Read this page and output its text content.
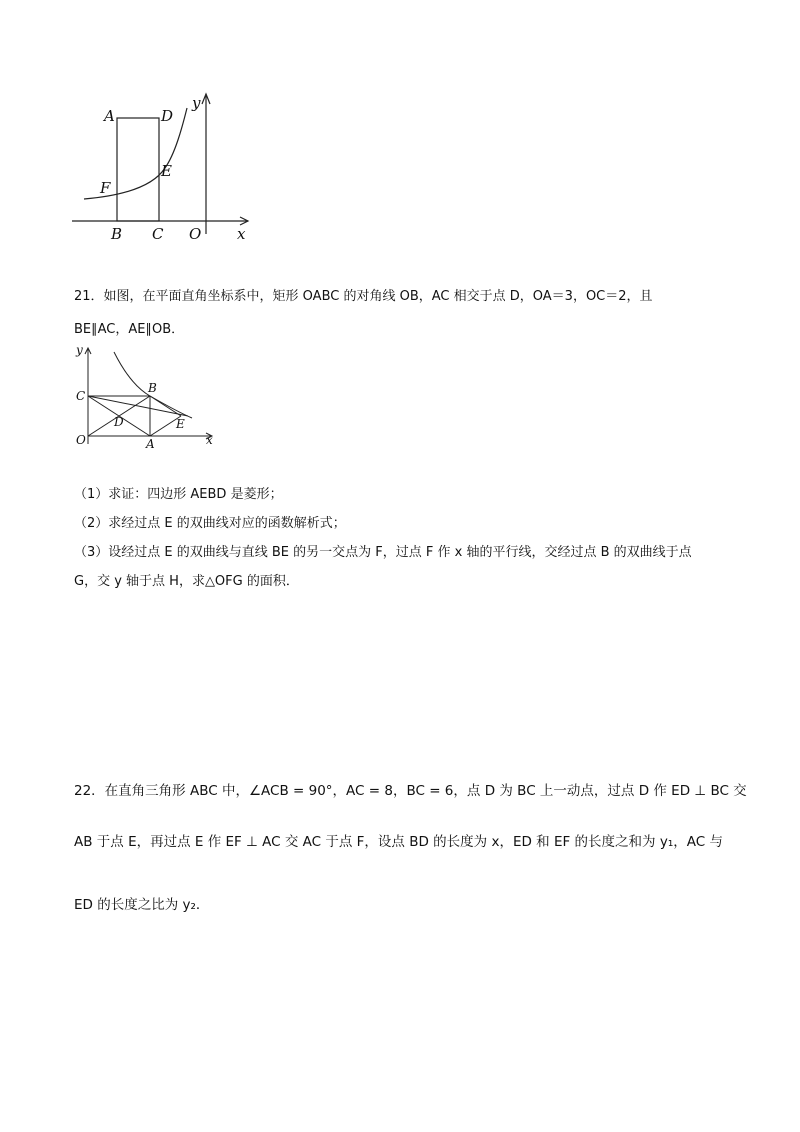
A	D
y
F
E
B C O x
21．如图，在平面直角坐标系中，矩形 OABC 的对角线 OB，AC 相交于点 D，OA＝3，OC＝2，且
BE∥AC，AE∥OB．
y
C
B
D
O	A
E
x
（1）求证：四边形 AEBD 是菱形；
（2）求经过点 E 的双曲线对应的函数解析式；
（3）设经过点 E 的双曲线与直线 BE 的另一交点为 F，过点 F 作 x 轴的平行线，交经过点 B 的双曲线于点
G，交 y 轴于点 H，求△OFG 的面积．
22．在直角三角形 ABC 中，∠ACB = 90°，AC = 8，BC = 6，点 D 为 BC 上一动点，过点 D 作 ED ⊥ BC 交
AB 于点 E，再过点 E 作 EF ⊥ AC 交 AC 于点 F，设点 BD 的长度为 x，ED 和 EF 的长度之和为 y₁，AC 与
ED 的长度之比为 y₂．
